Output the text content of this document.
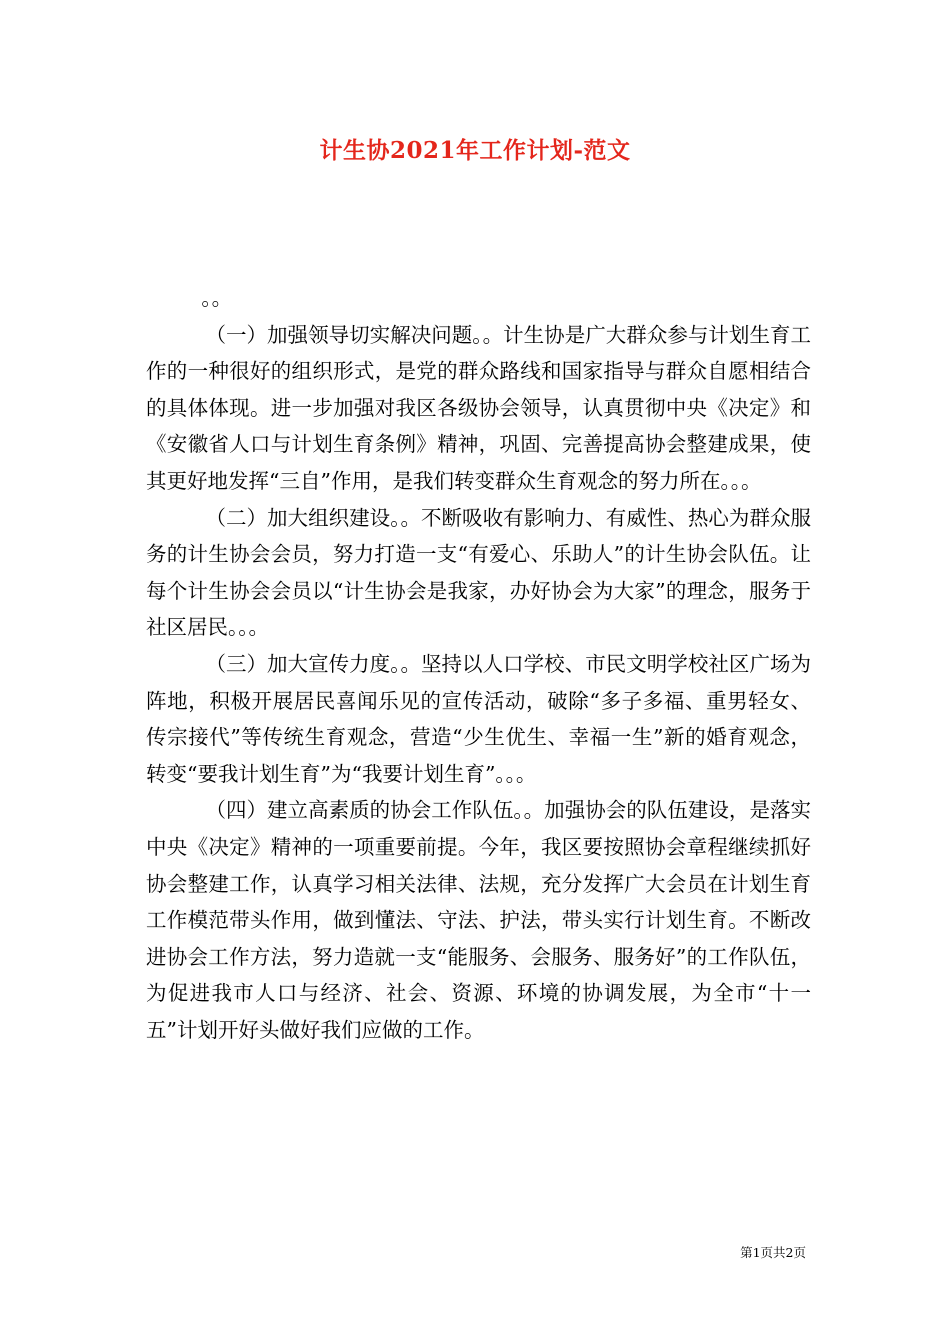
计生协2021年工作计划-范文

。。

（一）加强领导切实解决问题。。计生协是广大群众参与计划生育工作的一种很好的组织形式，是党的群众路线和国家指导与群众自愿相结合的具体体现。进一步加强对我区各级协会领导，认真贯彻中央《决定》和《安徽省人口与计划生育条例》精神，巩固、完善提高协会整建成果，使其更好地发挥“三自”作用，是我们转变群众生育观念的努力所在。。。

（二）加大组织建设。。不断吸收有影响力、有威性、热心为群众服务的计生协会会员，努力打造一支“有爱心、乐助人”的计生协会队伍。让每个计生协会会员以“计生协会是我家，办好协会为大家”的理念，服务于社区居民。。。

（三）加大宣传力度。。坚持以人口学校、市民文明学校社区广场为阵地，积极开展居民喜闻乐见的宣传活动，破除“多子多福、重男轻女、传宗接代”等传统生育观念，营造“少生优生、幸福一生”新的婚育观念，转变“要我计划生育”为“我要计划生育”。。。

（四）建立高素质的协会工作队伍。。加强协会的队伍建设，是落实中央《决定》精神的一项重要前提。今年，我区要按照协会章程继续抓好协会整建工作，认真学习相关法律、法规，充分发挥广大会员在计划生育工作模范带头作用，做到懂法、守法、护法，带头实行计划生育。不断改进协会工作方法，努力造就一支“能服务、会服务、服务好”的工作队伍，为促进我市人口与经济、社会、资源、环境的协调发展，为全市“十一五”计划开好头做好我们应做的工作。

第1页共2页
